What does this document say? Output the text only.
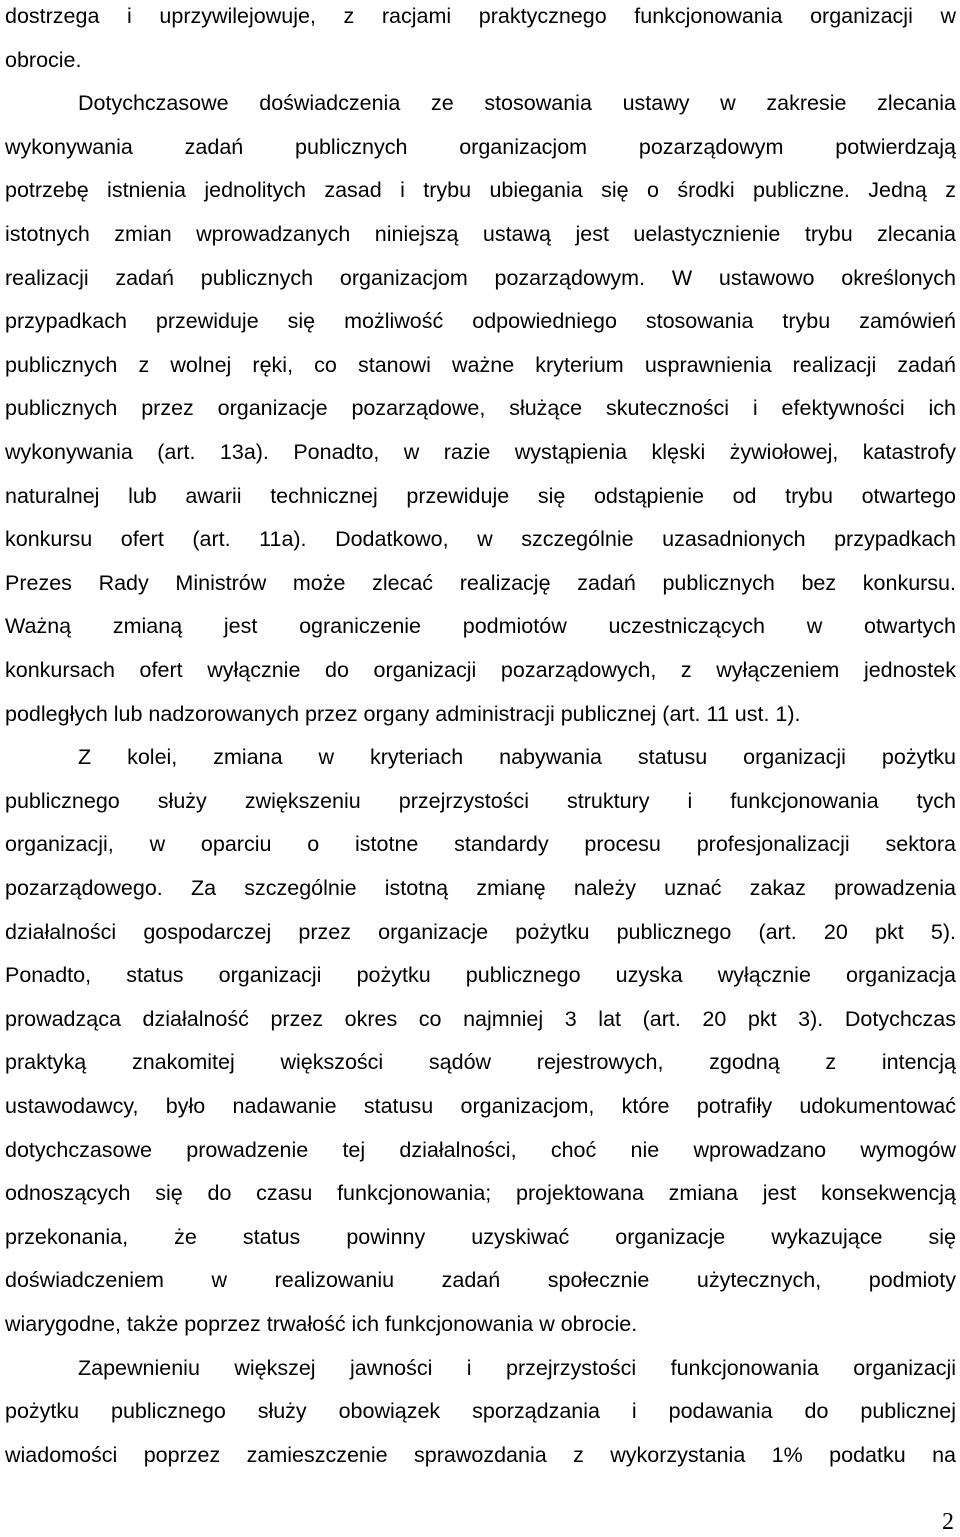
dostrzega i uprzywilejowuje, z racjami praktycznego funkcjonowania organizacji w
obrocie.
Dotychczasowe doświadczenia ze stosowania ustawy w zakresie zlecania
wykonywania zadań publicznych organizacjom pozarządowym potwierdzają
potrzebę istnienia jednolitych zasad i trybu ubiegania się o środki publiczne. Jedną z
istotnych zmian wprowadzanych niniejszą ustawą jest uelastycznienie trybu zlecania
realizacji zadań publicznych organizacjom pozarządowym. W ustawowo określonych
przypadkach przewiduje się możliwość odpowiedniego stosowania trybu zamówień
publicznych z wolnej ręki, co stanowi ważne kryterium usprawnienia realizacji zadań
publicznych przez organizacje pozarządowe, służące skuteczności i efektywności ich
wykonywania (art. 13a). Ponadto, w razie wystąpienia klęski żywiołowej, katastrofy
naturalnej lub awarii technicznej przewiduje się odstąpienie od trybu otwartego
konkursu ofert (art. 11a). Dodatkowo, w szczególnie uzasadnionych przypadkach
Prezes Rady Ministrów może zlecać realizację zadań publicznych bez konkursu.
Ważną zmianą jest ograniczenie podmiotów uczestniczących w otwartych
konkursach ofert wyłącznie do organizacji pozarządowych, z wyłączeniem jednostek
podległych lub nadzorowanych przez organy administracji publicznej (art. 11 ust. 1).
Z kolei, zmiana w kryteriach nabywania statusu organizacji pożytku
publicznego służy zwiększeniu przejrzystości struktury i funkcjonowania tych
organizacji, w oparciu o istotne standardy procesu profesjonalizacji sektora
pozarządowego. Za szczególnie istotną zmianę należy uznać zakaz prowadzenia
działalności gospodarczej przez organizacje pożytku publicznego (art. 20 pkt 5).
Ponadto, status organizacji pożytku publicznego uzyska wyłącznie organizacja
prowadząca działalność przez okres co najmniej 3 lat (art. 20 pkt 3). Dotychczas
praktyką znakomitej większości sądów rejestrowych, zgodną z intencją
ustawodawcy, było nadawanie statusu organizacjom, które potrafiły udokumentować
dotychczasowe prowadzenie tej działalności, choć nie wprowadzano wymogów
odnoszących się do czasu funkcjonowania; projektowana zmiana jest konsekwencją
przekonania, że status powinny uzyskiwać organizacje wykazujące się
doświadczeniem w realizowaniu zadań społecznie użytecznych, podmioty
wiarygodne, także poprzez trwałość ich funkcjonowania w obrocie.
Zapewnieniu większej jawności i przejrzystości funkcjonowania organizacji
pożytku publicznego służy obowiązek sporządzania i podawania do publicznej
wiadomości poprzez zamieszczenie sprawozdania z wykorzystania 1% podatku na
2
